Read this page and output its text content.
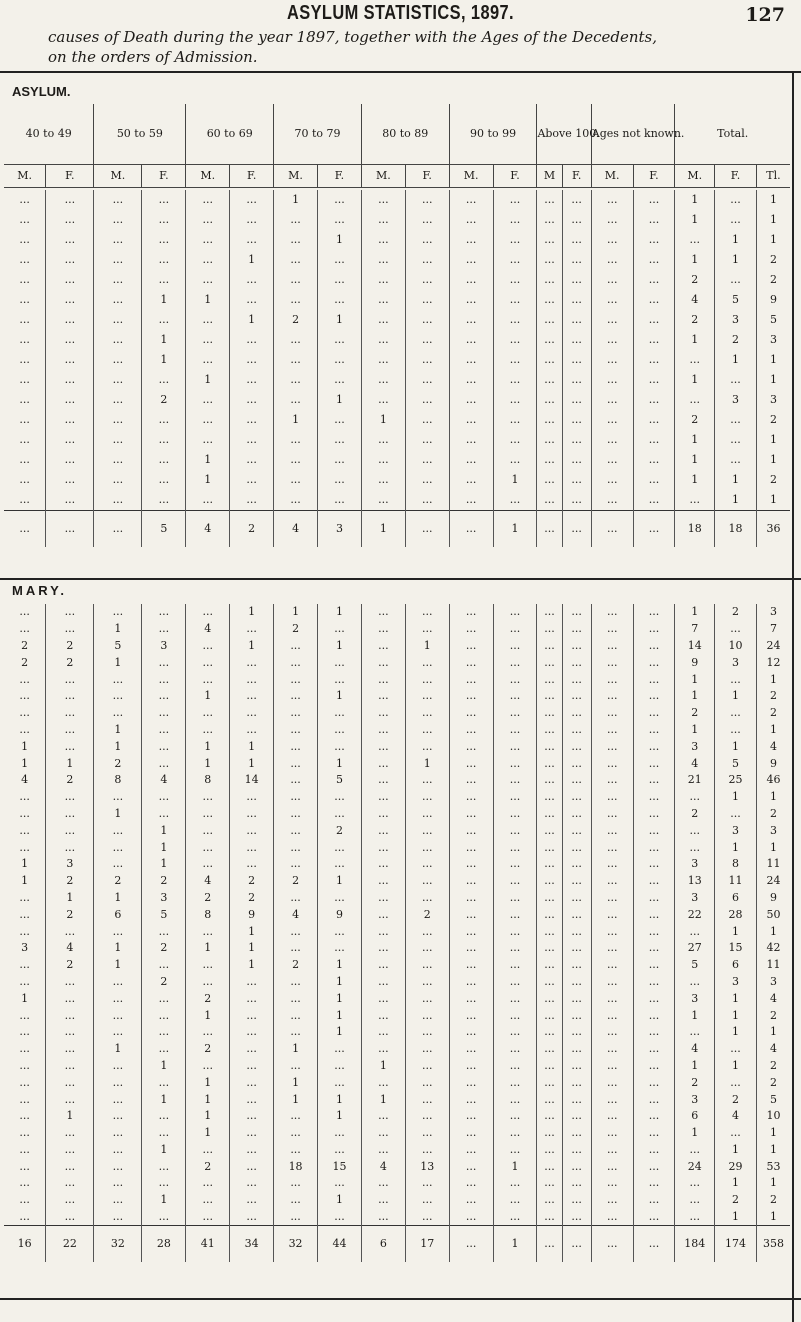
ASYLUM STATISTICS, 1897.	127
causes of Death during the year 1897, together with the Ages of the Decedents,
on the orders of Admission.
ASYLUM.
40 to 49		50 to 59		60 to 69		70 to 79		80 to 89		90 to 99		Above 100.		Ages not known.		Total.		
M.	F.	M.	F.	M.	F.	M.	F.	M.	F.	M.	F.	M	F.	M.	F.	M.	F.	Tl.
...	...	...	...	...	...	1	...	...	...	...	...	...	...	...	...	1	...	1
...	...	...	...	...	...	...	...	...	...	...	...	...	...	...	...	1	...	1
...	...	...	...	...	...	...	1	...	...	...	...	...	...	...	...	...	1	1
...	...	...	...	...	1	...	...	...	...	...	...	...	...	...	...	1	1	2
...	...	...	...	...	...	...	...	...	...	...	...	...	...	...	...	2	...	2
...	...	...	1	1	...	...	...	...	...	...	...	...	...	...	...	4	5	9
...	...	...	...	...	1	2	1	...	...	...	...	...	...	...	...	2	3	5
...	...	...	1	...	...	...	...	...	...	...	...	...	...	...	...	1	2	3
...	...	...	1	...	...	...	...	...	...	...	...	...	...	...	...	...	1	1
...	...	...	...	1	...	...	...	...	...	...	...	...	...	...	...	1	...	1
...	...	...	2	...	...	...	1	...	...	...	...	...	...	...	...	...	3	3
...	...	...	...	...	...	1	...	1	...	...	...	...	...	...	...	2	...	2
...	...	...	...	...	...	...	...	...	...	...	...	...	...	...	...	1	...	1
...	...	...	...	1	...	...	...	...	...	...	...	...	...	...	...	1	...	1
...	...	...	...	1	...	...	...	...	...	...	1	...	...	...	...	1	1	2
...	...	...	...	...	...	...	...	...	...	...	...	...	...	...	...	...	1	1
...	...	...	5	4	2	4	3	1	...	...	1	...	...	...	...	18	18	36
MARY.
...	...	...	...	...	1	1	1	...	...	...	...	...	...	...	...	1	2	3
...	...	1	...	4	...	2	...	...	...	...	...	...	...	...	...	7	...	7
2	2	5	3	...	1	...	1	...	1	...	...	...	...	...	...	14	10	24
2	2	1	...	...	...	...	...	...	...	...	...	...	...	...	...	9	3	12
...	...	...	...	...	...	...	...	...	...	...	...	...	...	...	...	1	...	1
...	...	...	...	1	...	...	1	...	...	...	...	...	...	...	...	1	1	2
...	...	...	...	...	...	...	...	...	...	...	...	...	...	...	...	2	...	2
...	...	1	...	...	...	...	...	...	...	...	...	...	...	...	...	1	...	1
1	...	1	...	1	1	...	...	...	...	...	...	...	...	...	...	3	1	4
1	1	2	...	1	1	...	1	...	1	...	...	...	...	...	...	4	5	9
4	2	8	4	8	14	...	5	...	...	...	...	...	...	...	...	21	25	46
...	...	...	...	...	...	...	...	...	...	...	...	...	...	...	...	...	1	1
...	...	1	...	...	...	...	...	...	...	...	...	...	...	...	...	2	...	2
...	...	...	1	...	...	...	2	...	...	...	...	...	...	...	...	...	3	3
...	...	...	1	...	...	...	...	...	...	...	...	...	...	...	...	...	1	1
1	3	...	1	...	...	...	...	...	...	...	...	...	...	...	...	3	8	11
1	2	2	2	4	2	2	1	...	...	...	...	...	...	...	...	13	11	24
...	1	1	3	2	2	...	...	...	...	...	...	...	...	...	...	3	6	9
...	2	6	5	8	9	4	9	...	2	...	...	...	...	...	...	22	28	50
...	...	...	...	...	1	...	...	...	...	...	...	...	...	...	...	...	1	1
3	4	1	2	1	1	...	...	...	...	...	...	...	...	...	...	27	15	42
...	2	1	...	...	1	2	1	...	...	...	...	...	...	...	...	5	6	11
...	...	...	2	...	...	...	1	...	...	...	...	...	...	...	...	...	3	3
1	...	...	...	2	...	...	1	...	...	...	...	...	...	...	...	3	1	4
...	...	...	...	1	...	...	1	...	...	...	...	...	...	...	...	1	1	2
...	...	...	...	...	...	...	1	...	...	...	...	...	...	...	...	...	1	1
...	...	1	...	2	...	1	...	...	...	...	...	...	...	...	...	4	...	4
...	...	...	1	...	...	...	...	1	...	...	...	...	...	...	...	1	1	2
...	...	...	...	1	...	1	...	...	...	...	...	...	...	...	...	2	...	2
...	...	...	1	1	...	1	1	1	...	...	...	...	...	...	...	3	2	5
...	1	...	...	1	...	...	1	...	...	...	...	...	...	...	...	6	4	10
...	...	...	...	1	...	...	...	...	...	...	...	...	...	...	...	1	...	1
...	...	...	1	...	...	...	...	...	...	...	...	...	...	...	...	...	1	1
...	...	...	...	2	...	18	15	4	13	...	1	...	...	...	...	24	29	53
...	...	...	...	...	...	...	...	...	...	...	...	...	...	...	...	...	1	1
...	...	...	1	...	...	...	1	...	...	...	...	...	...	...	...	...	2	2
...	...	...	...	...	...	...	...	...	...	...	...	...	...	...	...	...	1	1
16	22	32	28	41	34	32	44	6	17	...	1	...	...	...	...	184	174	358
